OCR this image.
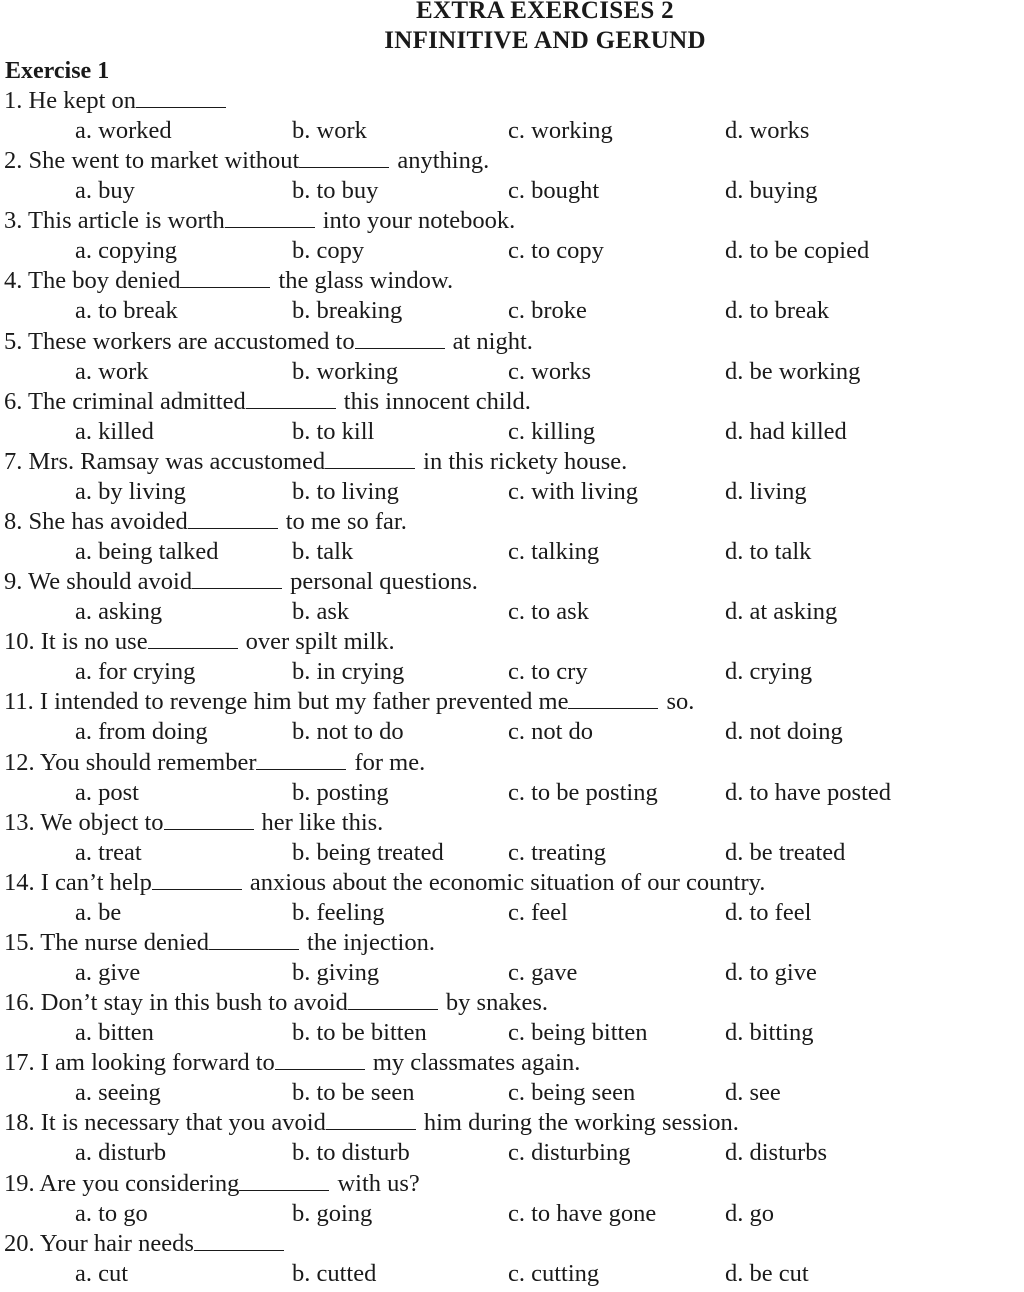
EXTRA EXERCISES 2
INFINITIVE AND GERUND
Exercise 1
1. He kept on
a. worked	b. work	c. working	d. works
2. She went to market without	anything.
a. buy	b. to buy	c. bought	d. buying
3. This article is worth	into your notebook.
a. copying	b. copy	c. to copy	d. to be copied
4. The boy denied	the glass window.
a. to break	b. breaking	c. broke	d. to break
5. These workers are accustomed to	at night.
a. work	b. working	c. works	d. be working
6. The criminal admitted	this innocent child.
a. killed	b. to kill	c. killing	d. had killed
7. Mrs. Ramsay was accustomed	in this rickety house.
a. by living	b. to living	c. with living	d. living
8. She has avoided	to me so far.
a. being talked	b. talk	c. talking	d. to talk
9. We should avoid	personal questions.
a. asking	b. ask	c. to ask	d. at asking
10. It is no use	over spilt milk.
a. for crying	b. in crying	c. to cry	d. crying
11. I intended to revenge him but my father prevented me	so.
a. from doing	b. not to do	c. not do	d. not doing
12. You should remember	for me.
a. post	b. posting	c. to be posting	d. to have posted
13. We object to	her like this.
a. treat	b. being treated	c. treating	d. be treated
14. I can’t help	anxious about the economic situation of our country.
a. be	b. feeling	c. feel	d. to feel
15. The nurse denied	the injection.
a. give	b. giving	c. gave	d. to give
16. Don’t stay in this bush to avoid	by snakes.
a. bitten	b. to be bitten	c. being bitten	d. bitting
17. I am looking forward to	my classmates again.
a. seeing	b. to be seen	c. being seen	d. see
18. It is necessary that you avoid	him during the working session.
a. disturb	b. to disturb	c. disturbing	d. disturbs
19. Are you considering	with us?
a. to go	b. going	c. to have gone	d. go
20. Your hair needs
a. cut	b. cutted	c. cutting	d. be cut
